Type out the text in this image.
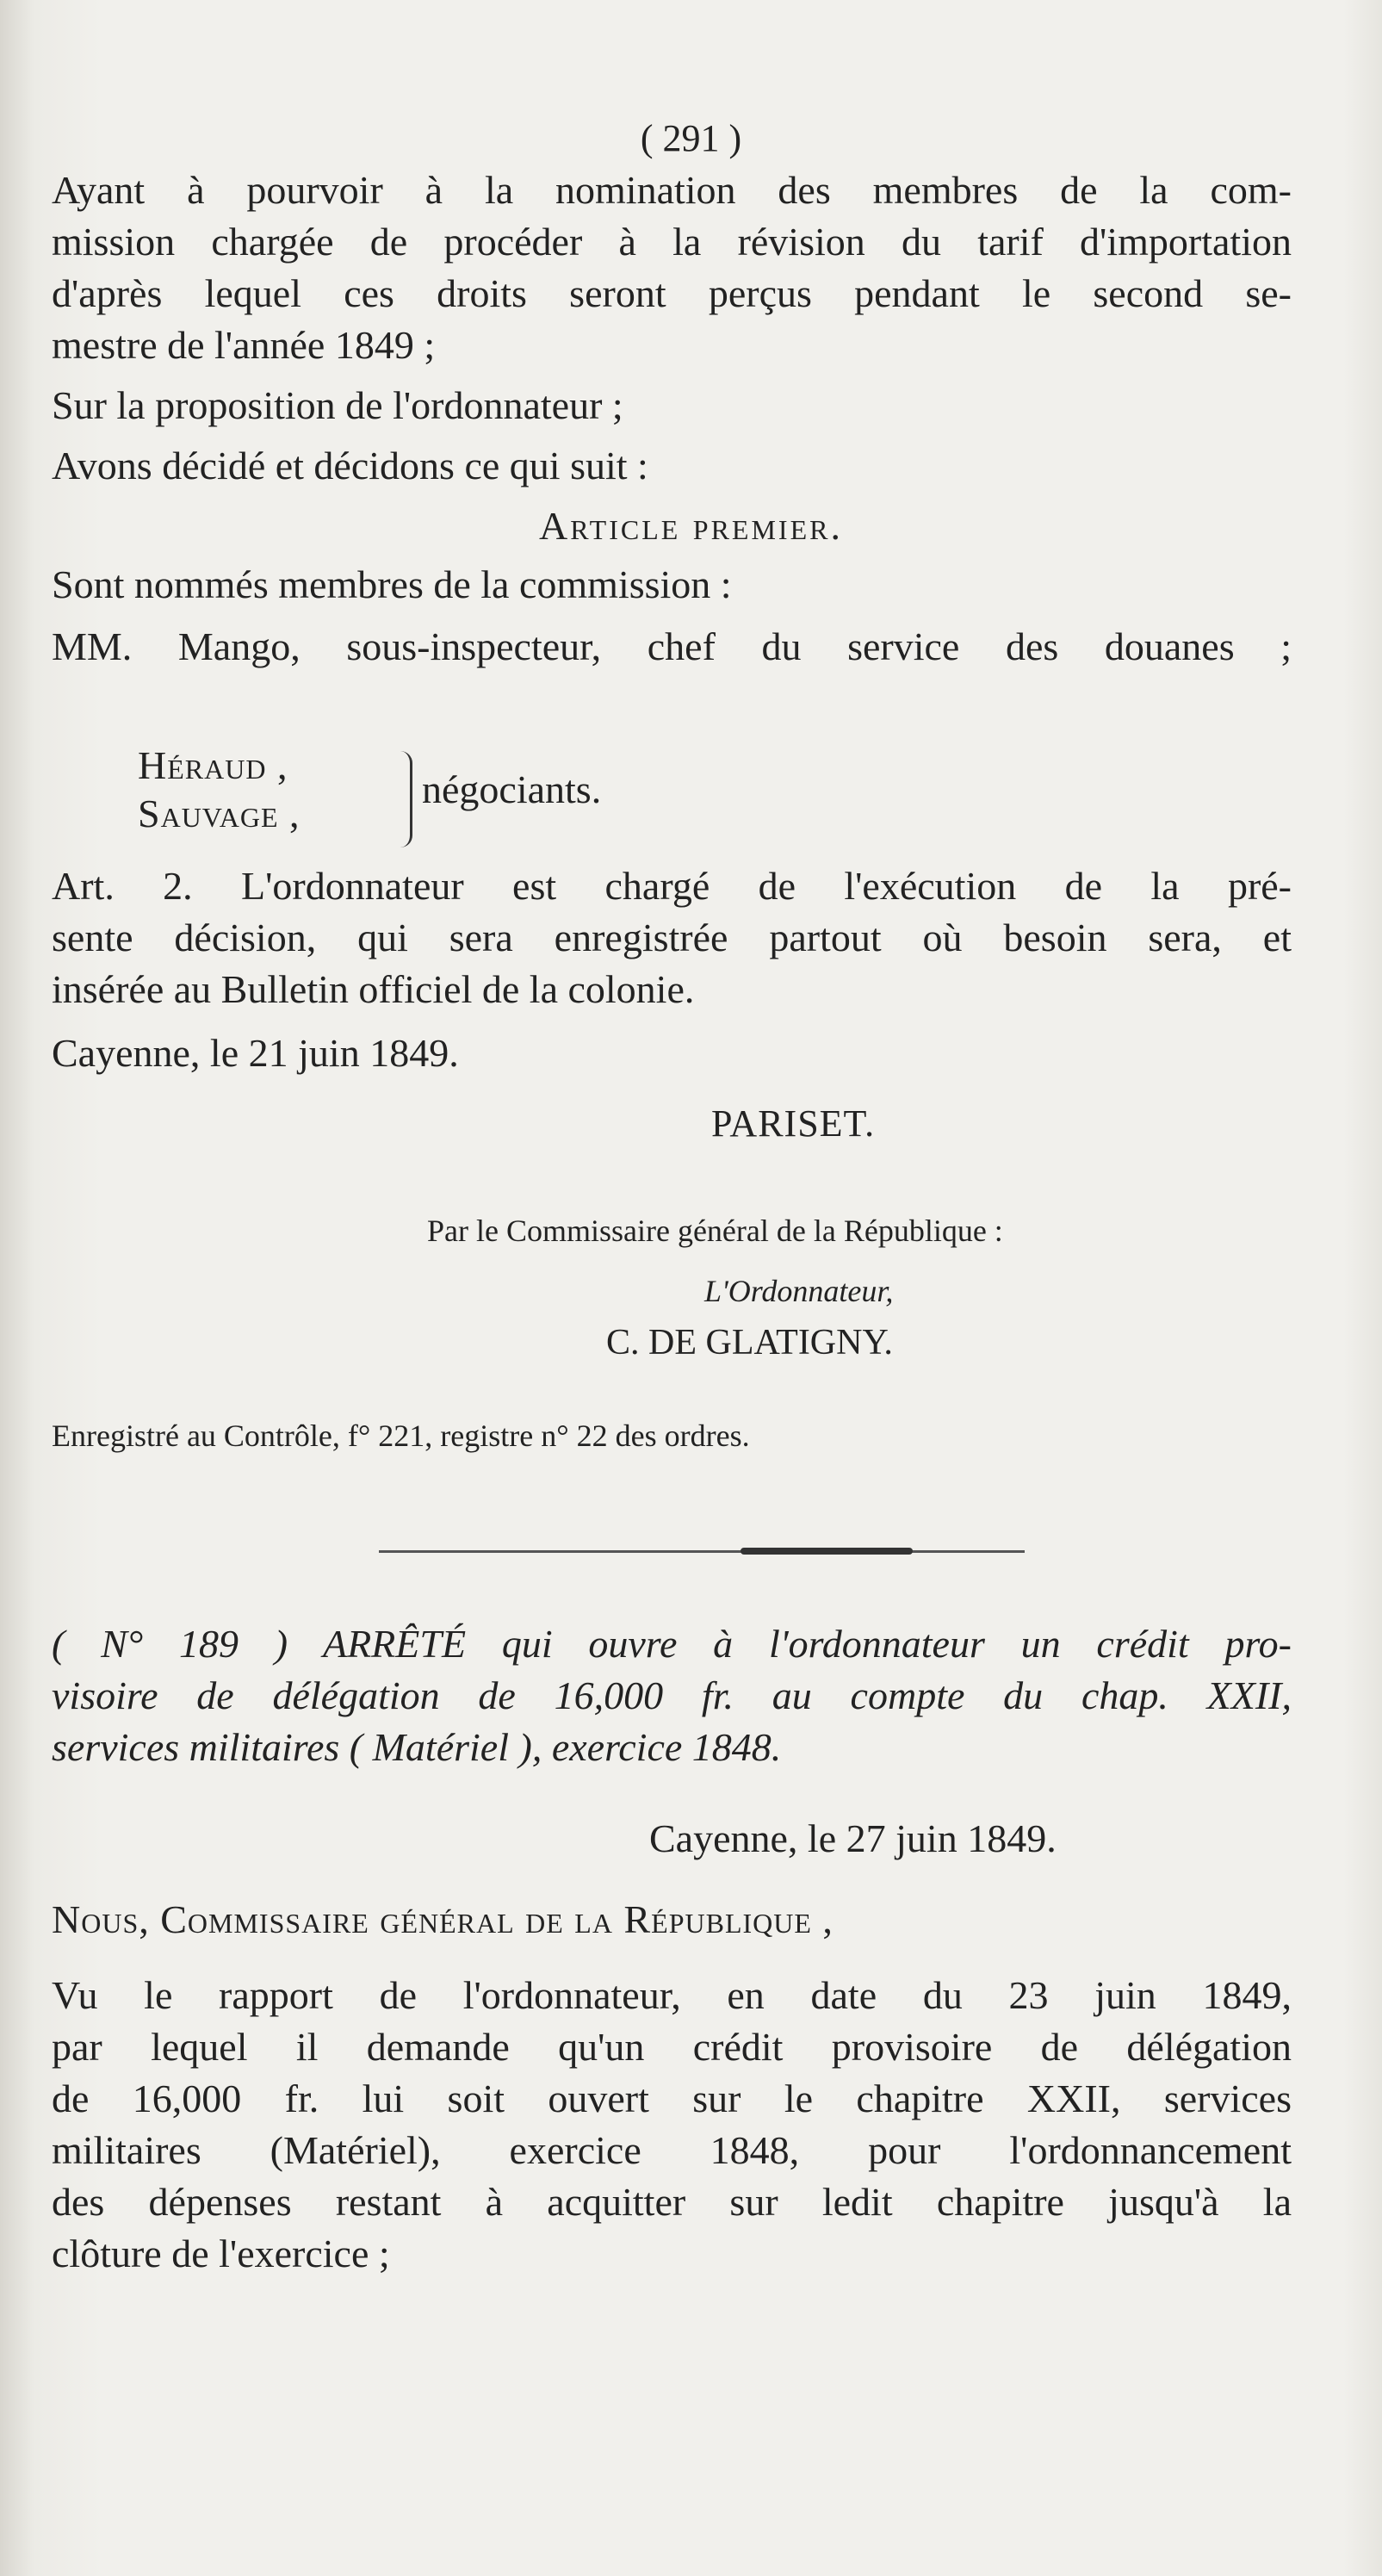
( 291 )
Ayant à pourvoir à la nomination des membres de la com-
mission chargée de procéder à la révision du tarif d'importation
d'après lequel ces droits seront perçus pendant le second se-
mestre de l'année 1849 ;
Sur la proposition de l'ordonnateur ;
Avons décidé et décidons ce qui suit :
Article premier.
Sont nommés membres de la commission :
MM. Mango, sous-inspecteur, chef du service des douanes ;
Héraud ,
Sauvage ,
négociants.
Art. 2. L'ordonnateur est chargé de l'exécution de la pré-
sente décision, qui sera enregistrée partout où besoin sera, et
insérée au Bulletin officiel de la colonie.
Cayenne, le 21 juin 1849.
PARISET.
Par le Commissaire général de la République :
L'Ordonnateur,
C. DE GLATIGNY.
Enregistré au Contrôle, f° 221, registre n° 22 des ordres.
( N° 189 ) ARRÊTÉ qui ouvre à l'ordonnateur un crédit pro-
visoire de délégation de 16,000 fr. au compte du chap. XXII,
services militaires ( Matériel ), exercice 1848.
Cayenne, le 27 juin 1849.
Nous, Commissaire général de la République ,
Vu le rapport de l'ordonnateur, en date du 23 juin 1849,
par lequel il demande qu'un crédit provisoire de délégation
de 16,000 fr. lui soit ouvert sur le chapitre XXII, services
militaires (Matériel), exercice 1848, pour l'ordonnancement
des dépenses restant à acquitter sur ledit chapitre jusqu'à la
clôture de l'exercice ;
